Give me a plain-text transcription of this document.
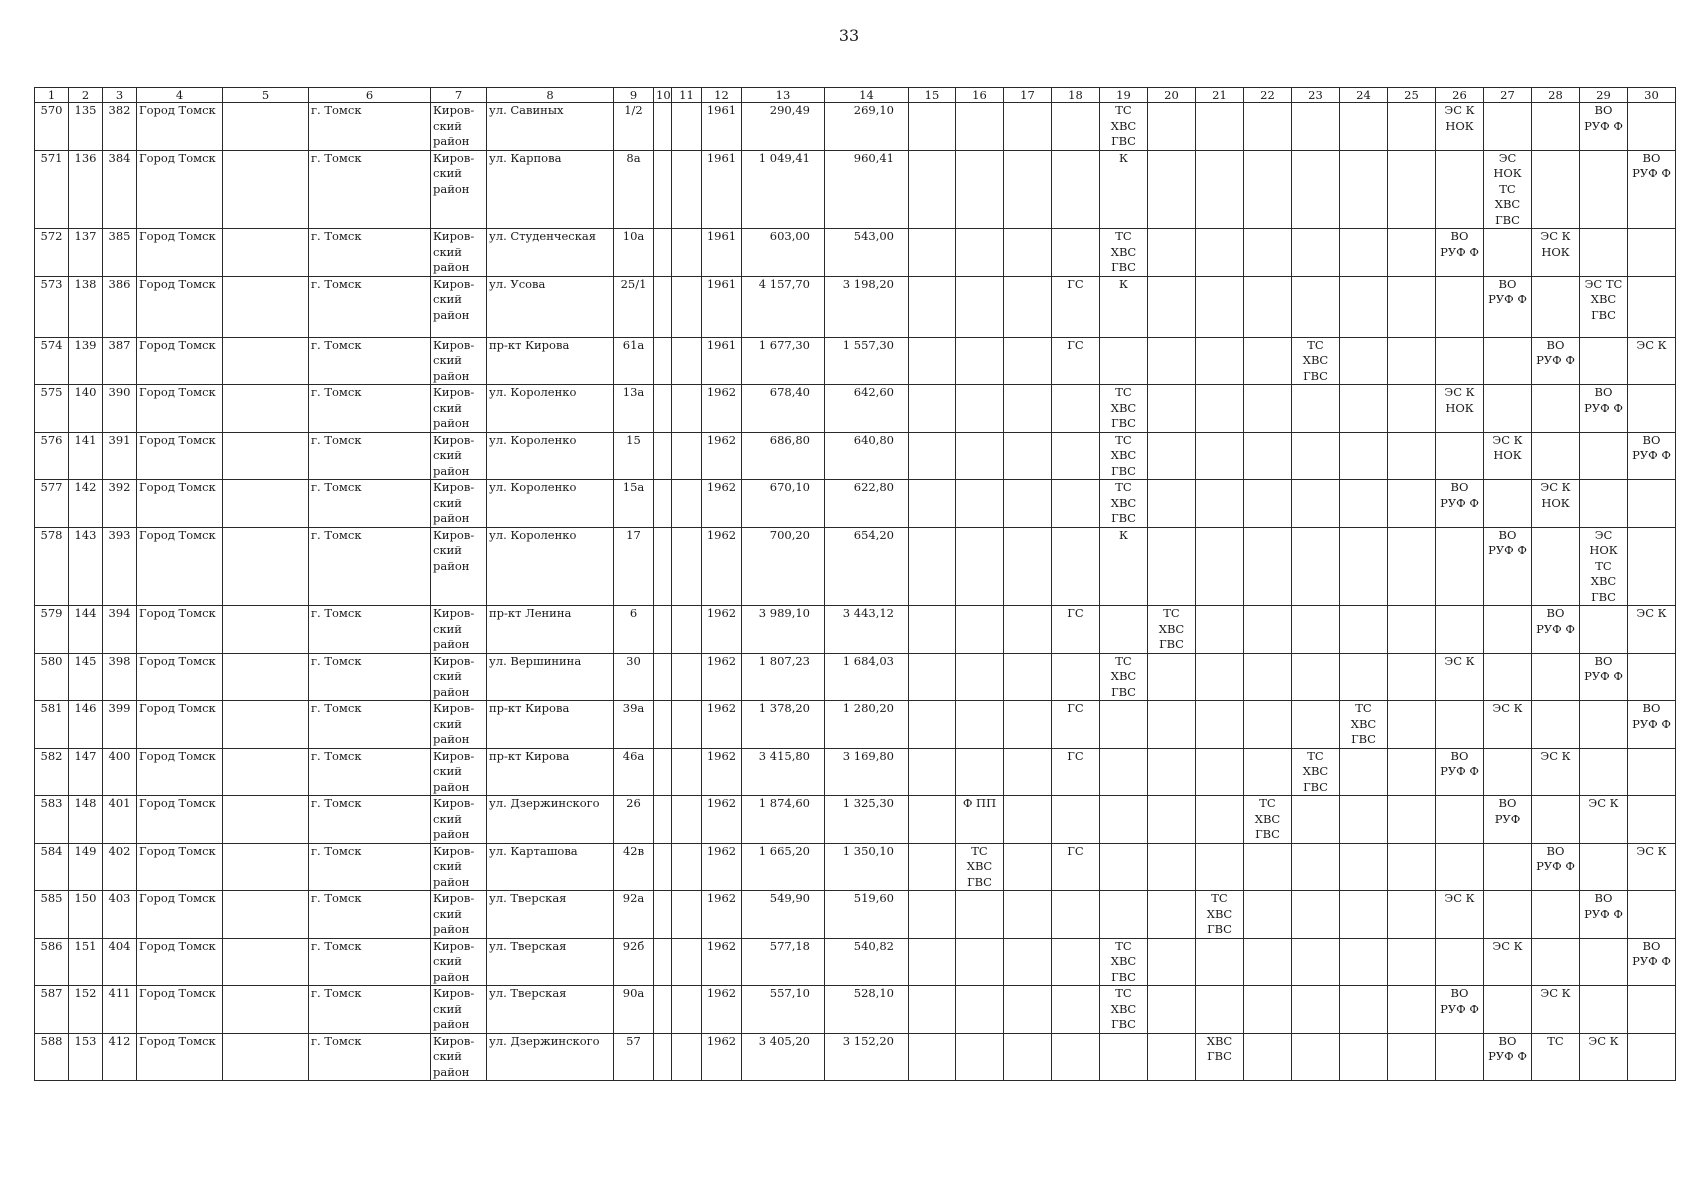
33
1	2	3	4	5	6	7	8	9	10	11	12	13	14	15	16	17	18	19	20	21	22	23	24	25	26	27	28	29	30
570	135	382	Город Томск		г. Томск	Киров-
ский
район	ул. Савиных	1/2			1961	290,49	269,10					ТС
ХВС
ГВС							ЭС К
НОК			ВО
РУФ Ф	
571	136	384	Город Томск		г. Томск	Киров-
ский
район	ул. Карпова	8а			1961	1 049,41	960,41					К								ЭС
НОК
ТС
ХВС
ГВС			ВО
РУФ Ф
572	137	385	Город Томск		г. Томск	Киров-
ский
район	ул. Студенческая	10а			1961	603,00	543,00					ТС
ХВС
ГВС							ВО
РУФ Ф		ЭС К
НОК		
573	138	386	Город Томск		г. Томск	Киров-
ский
район	ул. Усова	25/1			1961	4 157,70	3 198,20				ГС	К								ВО
РУФ Ф		ЭС ТС
ХВС
ГВС	
574	139	387	Город Томск		г. Томск	Киров-
ский
район	пр-кт Кирова	61а			1961	1 677,30	1 557,30				ГС					ТС
ХВС
ГВС					ВО
РУФ Ф		ЭС К
575	140	390	Город Томск		г. Томск	Киров-
ский
район	ул. Короленко	13а			1962	678,40	642,60					ТС
ХВС
ГВС							ЭС К
НОК			ВО
РУФ Ф	
576	141	391	Город Томск		г. Томск	Киров-
ский
район	ул. Короленко	15			1962	686,80	640,80					ТС
ХВС
ГВС								ЭС К
НОК			ВО
РУФ Ф
577	142	392	Город Томск		г. Томск	Киров-
ский
район	ул. Короленко	15а			1962	670,10	622,80					ТС
ХВС
ГВС							ВО
РУФ Ф		ЭС К
НОК		
578	143	393	Город Томск		г. Томск	Киров-
ский
район	ул. Короленко	17			1962	700,20	654,20					К								ВО
РУФ Ф		ЭС
НОК
ТС
ХВС
ГВС	
579	144	394	Город Томск		г. Томск	Киров-
ский
район	пр-кт Ленина	6			1962	3 989,10	3 443,12				ГС		ТС
ХВС
ГВС								ВО
РУФ Ф		ЭС К
580	145	398	Город Томск		г. Томск	Киров-
ский
район	ул. Вершинина	30			1962	1 807,23	1 684,03					ТС
ХВС
ГВС							ЭС К			ВО
РУФ Ф	
581	146	399	Город Томск		г. Томск	Киров-
ский
район	пр-кт Кирова	39а			1962	1 378,20	1 280,20				ГС						ТС
ХВС
ГВС			ЭС К			ВО
РУФ Ф
582	147	400	Город Томск		г. Томск	Киров-
ский
район	пр-кт Кирова	46а			1962	3 415,80	3 169,80				ГС					ТС
ХВС
ГВС			ВО
РУФ Ф		ЭС К		
583	148	401	Город Томск		г. Томск	Киров-
ский
район	ул. Дзержинского	26			1962	1 874,60	1 325,30		Ф ПП						ТС
ХВС
ГВС					ВО
РУФ		ЭС К	
584	149	402	Город Томск		г. Томск	Киров-
ский
район	ул. Карташова	42в			1962	1 665,20	1 350,10		ТС
ХВС
ГВС		ГС										ВО
РУФ Ф		ЭС К
585	150	403	Город Томск		г. Томск	Киров-
ский
район	ул. Тверская	92а			1962	549,90	519,60							ТС
ХВС
ГВС					ЭС К			ВО
РУФ Ф	
586	151	404	Город Томск		г. Томск	Киров-
ский
район	ул. Тверская	92б			1962	577,18	540,82					ТС
ХВС
ГВС								ЭС К			ВО
РУФ Ф
587	152	411	Город Томск		г. Томск	Киров-
ский
район	ул. Тверская	90а			1962	557,10	528,10					ТС
ХВС
ГВС							ВО
РУФ Ф		ЭС К		
588	153	412	Город Томск		г. Томск	Киров-
ский
район	ул. Дзержинского	57			1962	3 405,20	3 152,20							ХВС
ГВС						ВО
РУФ Ф	ТС	ЭС К	
